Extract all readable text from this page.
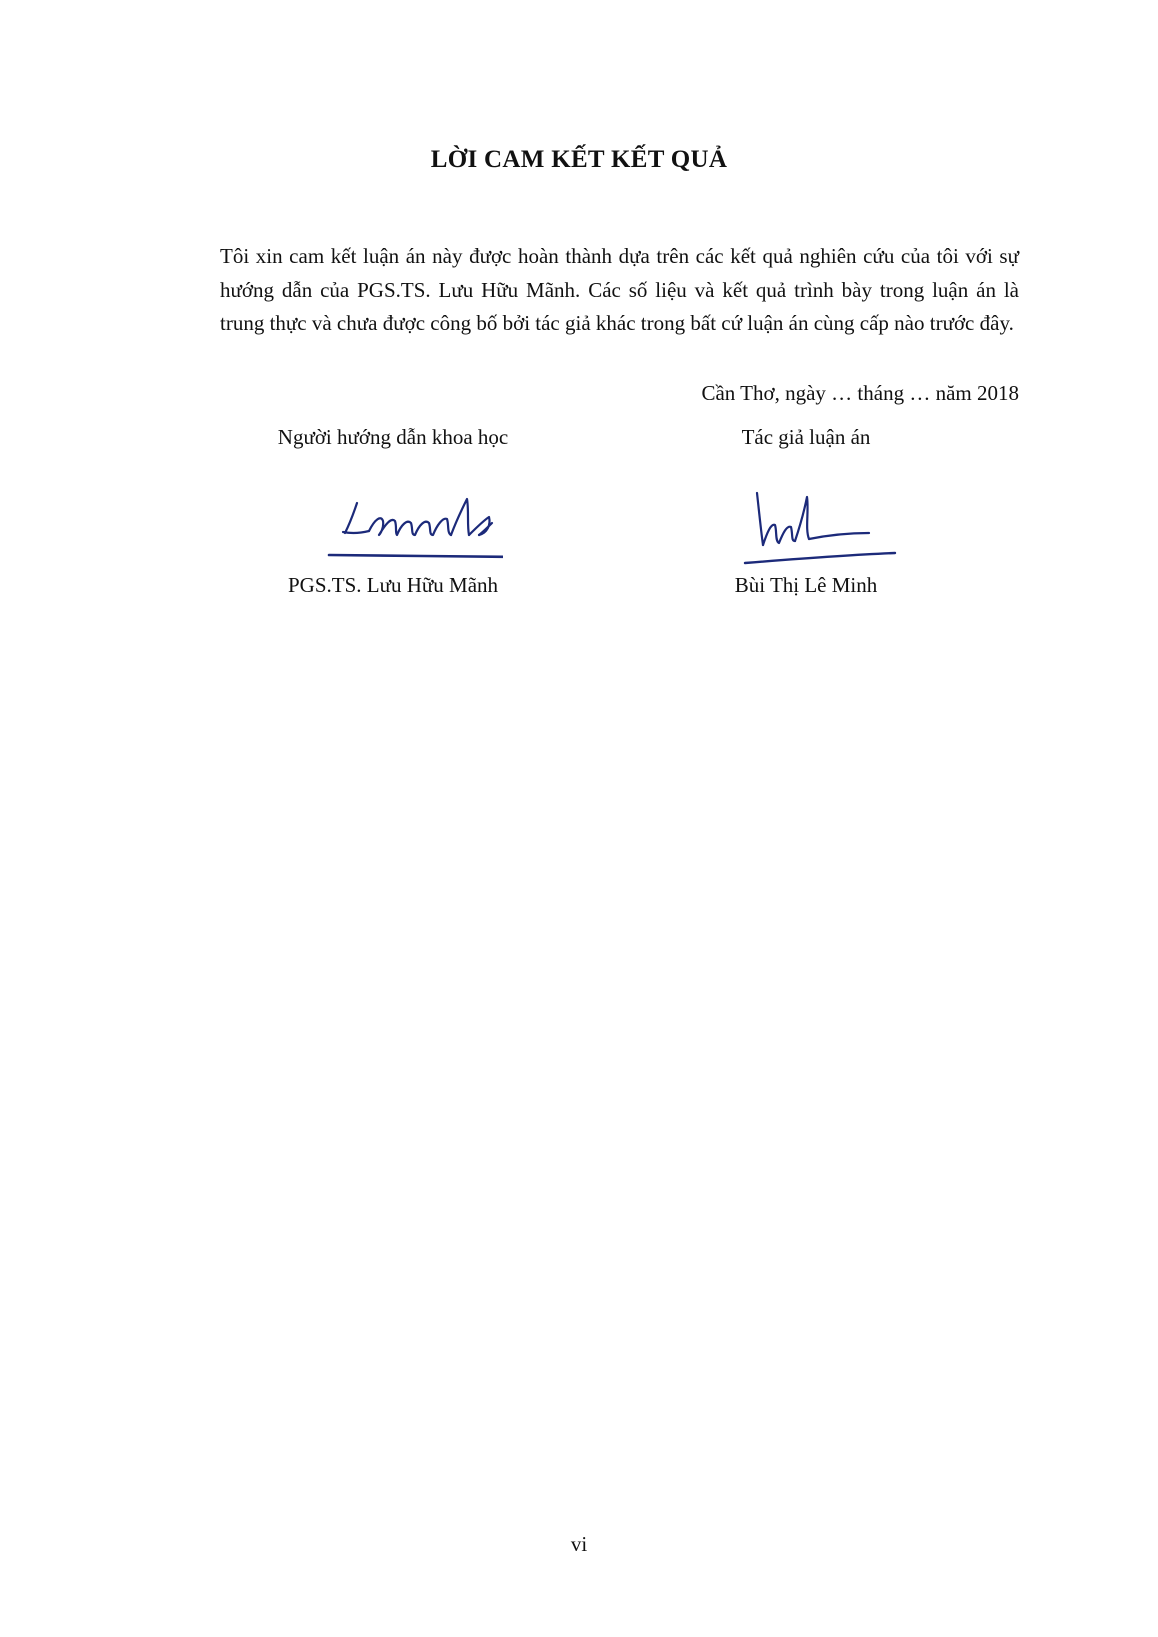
LỜI CAM KẾT KẾT QUẢ
Tôi xin cam kết luận án này được hoàn thành dựa trên các kết quả nghiên cứu của tôi với sự hướng dẫn của PGS.TS. Lưu Hữu Mãnh. Các số liệu và kết quả trình bày trong luận án là trung thực và chưa được công bố bởi tác giả khác trong bất cứ luận án cùng cấp nào trước đây.
Cần Thơ, ngày … tháng … năm 2018
Người hướng dẫn khoa học
PGS.TS. Lưu Hữu Mãnh
Tác giả luận án
Bùi Thị Lê Minh
vi
